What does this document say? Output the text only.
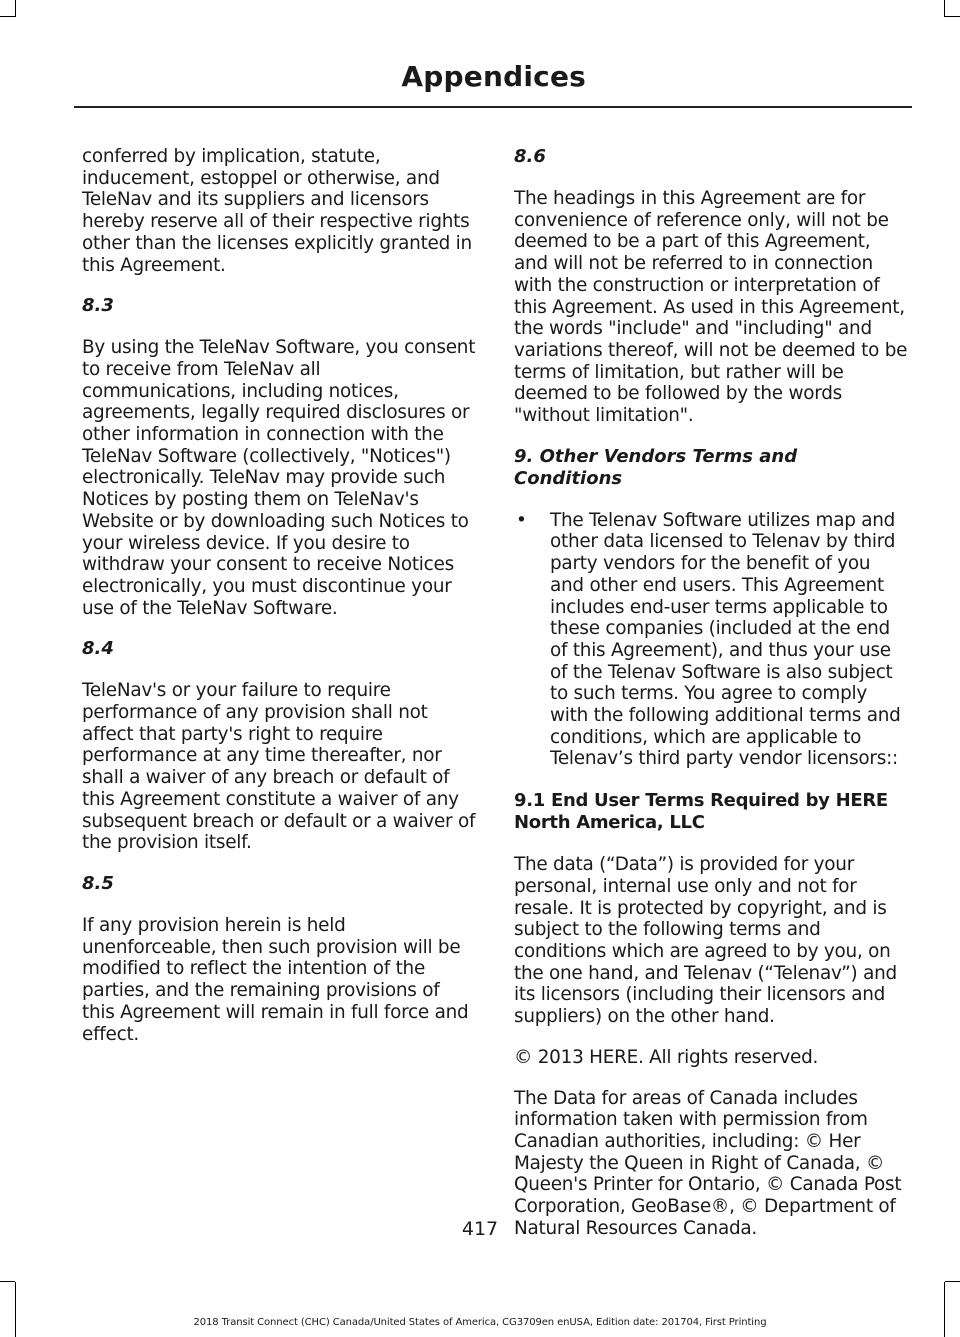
Appendices

conferred by implication, statute, inducement, estoppel or otherwise, and TeleNav and its suppliers and licensors hereby reserve all of their respective rights other than the licenses explicitly granted in this Agreement.

8.3

By using the TeleNav Software, you consent to receive from TeleNav all communications, including notices, agreements, legally required disclosures or other information in connection with the TeleNav Software (collectively, "Notices") electronically. TeleNav may provide such Notices by posting them on TeleNav's Website or by downloading such Notices to your wireless device. If you desire to withdraw your consent to receive Notices electronically, you must discontinue your use of the TeleNav Software.

8.4

TeleNav's or your failure to require performance of any provision shall not affect that party's right to require performance at any time thereafter, nor shall a waiver of any breach or default of this Agreement constitute a waiver of any subsequent breach or default or a waiver of the provision itself.

8.5

If any provision herein is held unenforceable, then such provision will be modified to reflect the intention of the parties, and the remaining provisions of this Agreement will remain in full force and effect.

8.6

The headings in this Agreement are for convenience of reference only, will not be deemed to be a part of this Agreement, and will not be referred to in connection with the construction or interpretation of this Agreement. As used in this Agreement, the words "include" and "including" and variations thereof, will not be deemed to be terms of limitation, but rather will be deemed to be followed by the words "without limitation".

9. Other Vendors Terms and Conditions
•	The Telenav Software utilizes map and other data licensed to Telenav by third party vendors for the benefit of you and other end users. This Agreement includes end-user terms applicable to these companies (included at the end of this Agreement), and thus your use of the Telenav Software is also subject to such terms. You agree to comply with the following additional terms and conditions, which are applicable to Telenav’s third party vendor licensors::

9.1 End User Terms Required by HERE North America, LLC

The data (“Data”) is provided for your personal, internal use only and not for resale. It is protected by copyright, and is subject to the following terms and conditions which are agreed to by you, on the one hand, and Telenav (“Telenav”) and its licensors (including their licensors and suppliers) on the other hand.

© 2013 HERE. All rights reserved.

The Data for areas of Canada includes information taken with permission from Canadian authorities, including: © Her Majesty the Queen in Right of Canada, © Queen's Printer for Ontario, © Canada Post Corporation, GeoBase®, © Department of Natural Resources Canada.

417
2018 Transit Connect (CHC) Canada/United States of America, CG3709en enUSA, Edition date: 201704, First Printing
